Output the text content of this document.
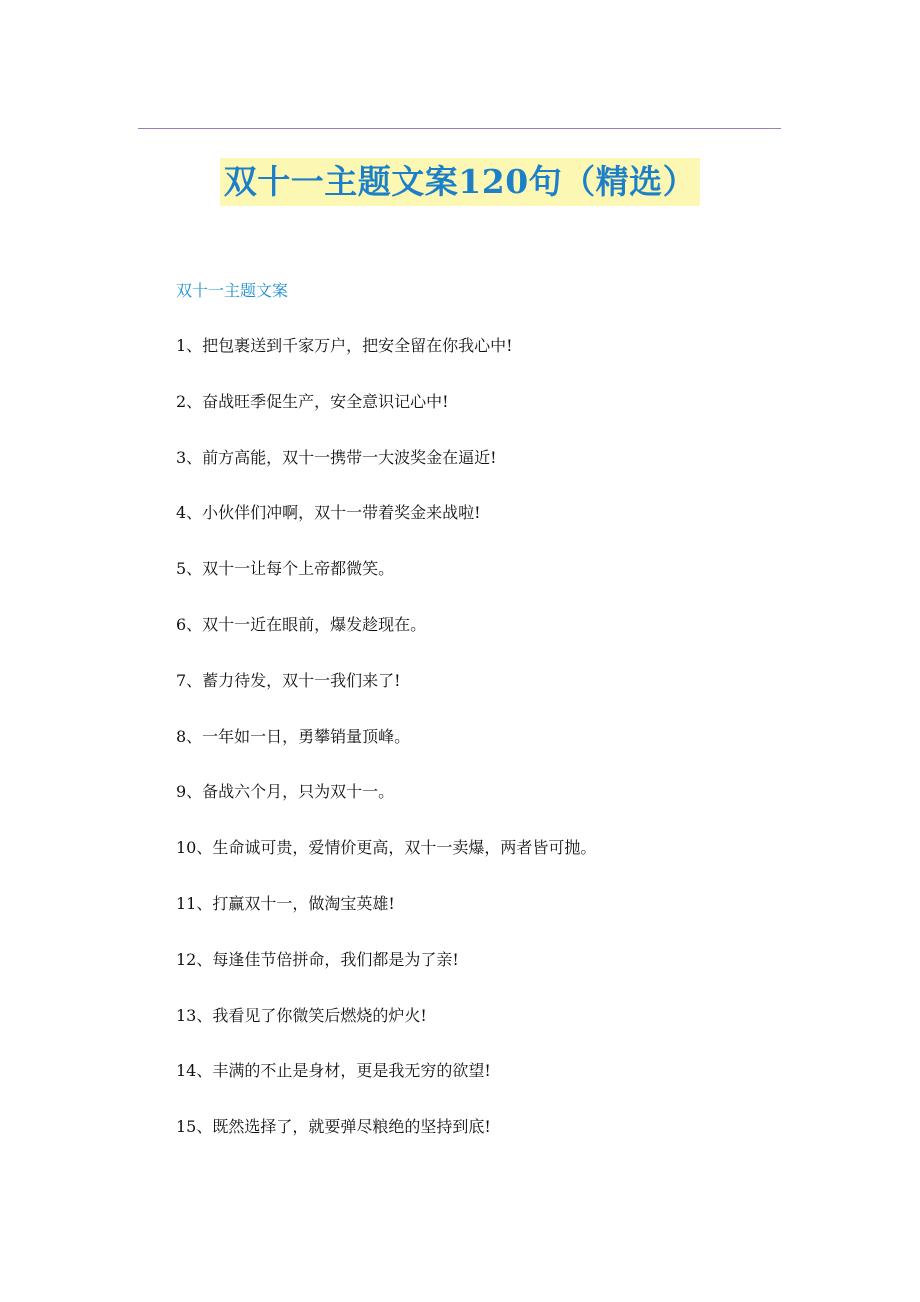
双十一主题文案120句（精选）
双十一主题文案
1、把包裹送到千家万户，把安全留在你我心中!
2、奋战旺季促生产，安全意识记心中!
3、前方高能，双十一携带一大波奖金在逼近!
4、小伙伴们冲啊，双十一带着奖金来战啦!
5、双十一让每个上帝都微笑。
6、双十一近在眼前，爆发趁现在。
7、蓄力待发，双十一我们来了!
8、一年如一日，勇攀销量顶峰。
9、备战六个月，只为双十一。
10、生命诚可贵，爱情价更高，双十一卖爆，两者皆可抛。
11、打赢双十一，做淘宝英雄!
12、每逢佳节倍拼命，我们都是为了亲!
13、我看见了你微笑后燃烧的炉火!
14、丰满的不止是身材，更是我无穷的欲望!
15、既然选择了，就要弹尽粮绝的坚持到底!
